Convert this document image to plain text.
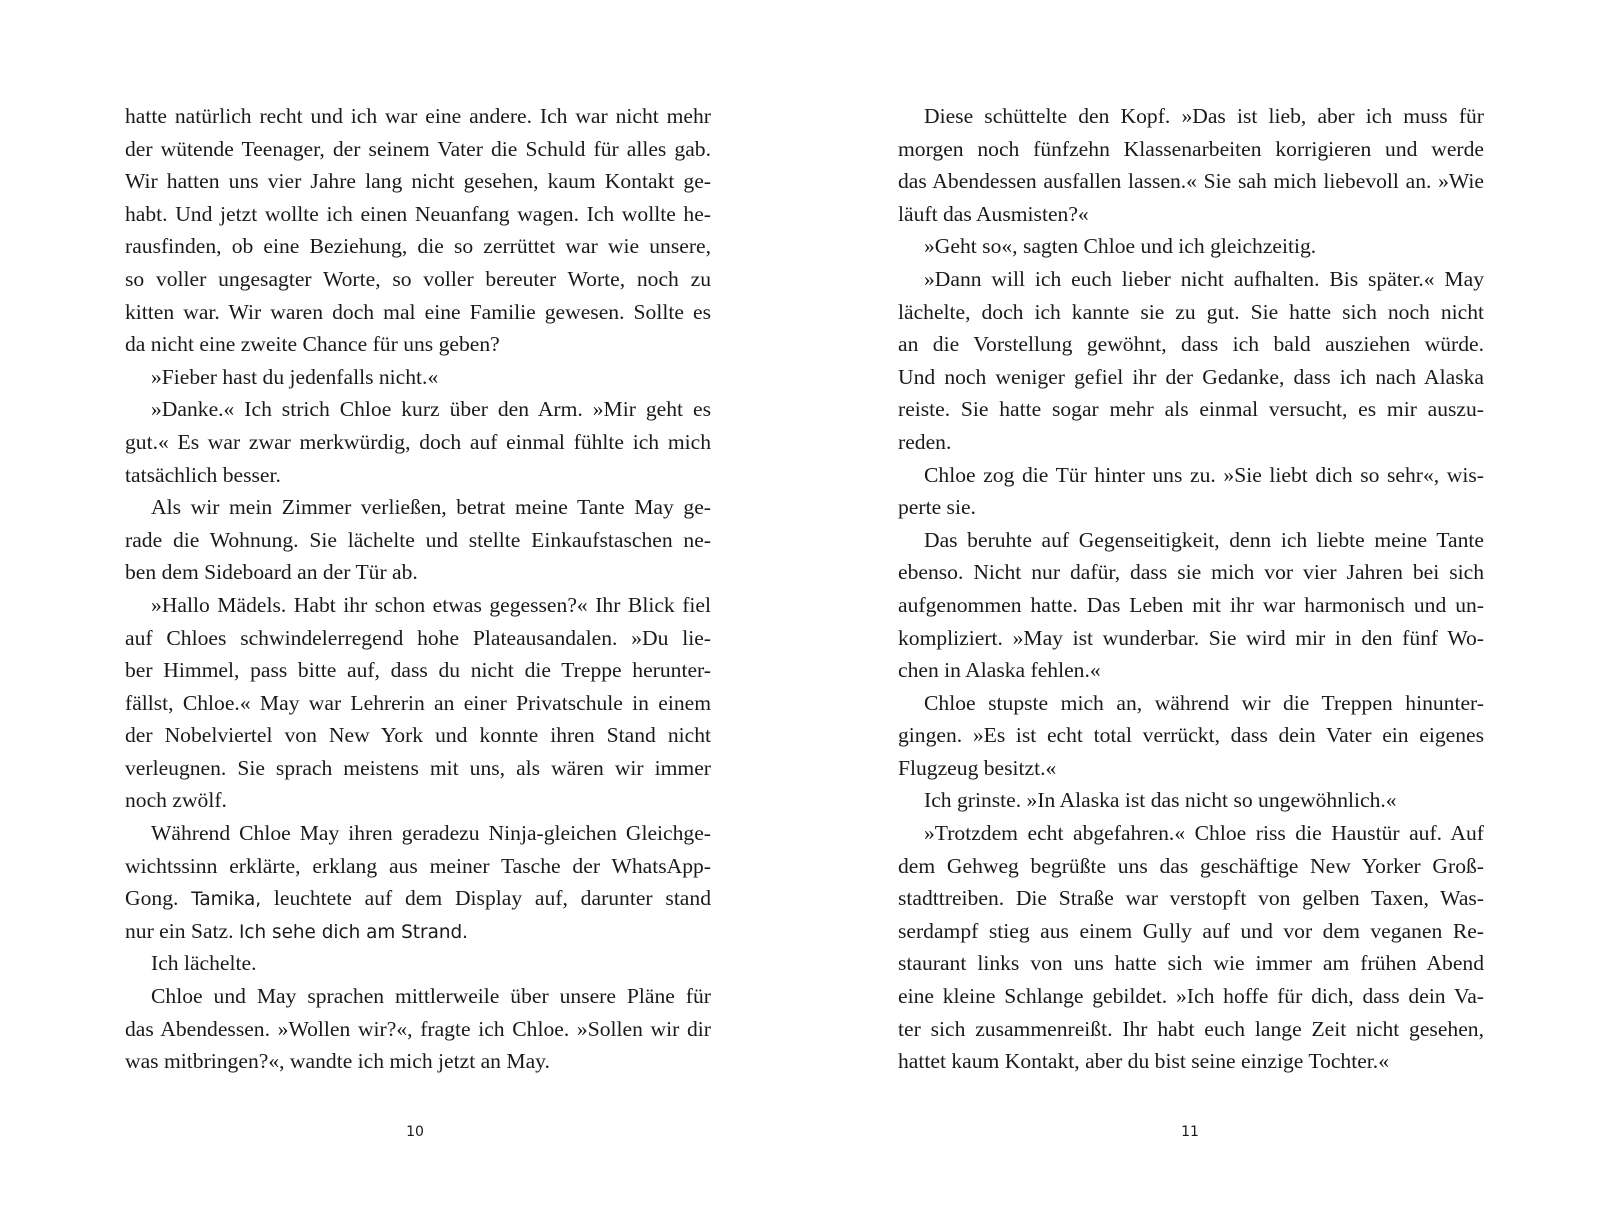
hatte natürlich recht und ich war eine andere. Ich war nicht mehr
der wütende Teenager, der seinem Vater die Schuld für alles gab.
Wir hatten uns vier Jahre lang nicht gesehen, kaum Kontakt ge-
habt. Und jetzt wollte ich einen Neuanfang wagen. Ich wollte he-
rausfinden, ob eine Beziehung, die so zerrüttet war wie unsere,
so voller ungesagter Worte, so voller bereuter Worte, noch zu
kitten war. Wir waren doch mal eine Familie gewesen. Sollte es
da nicht eine zweite Chance für uns geben?
»Fieber hast du jedenfalls nicht.«
»Danke.« Ich strich Chloe kurz über den Arm. »Mir geht es
gut.« Es war zwar merkwürdig, doch auf einmal fühlte ich mich
tatsächlich besser.
Als wir mein Zimmer verließen, betrat meine Tante May ge-
rade die Wohnung. Sie lächelte und stellte Einkaufstaschen ne-
ben dem Sideboard an der Tür ab.
»Hallo Mädels. Habt ihr schon etwas gegessen?« Ihr Blick fiel
auf Chloes schwindelerregend hohe Plateausandalen. »Du lie-
ber Himmel, pass bitte auf, dass du nicht die Treppe herunter-
fällst, Chloe.« May war Lehrerin an einer Privatschule in einem
der Nobelviertel von New York und konnte ihren Stand nicht
verleugnen. Sie sprach meistens mit uns, als wären wir immer
noch zwölf.
Während Chloe May ihren geradezu Ninja-gleichen Gleichge-
wichtssinn erklärte, erklang aus meiner Tasche der WhatsApp-
Gong. Tamika, leuchtete auf dem Display auf, darunter stand
nur ein Satz. Ich sehe dich am Strand.
Ich lächelte.
Chloe und May sprachen mittlerweile über unsere Pläne für
das Abendessen. »Wollen wir?«, fragte ich Chloe. »Sollen wir dir
was mitbringen?«, wandte ich mich jetzt an May.
10
Diese schüttelte den Kopf. »Das ist lieb, aber ich muss für
morgen noch fünfzehn Klassenarbeiten korrigieren und werde
das Abendessen ausfallen lassen.« Sie sah mich liebevoll an. »Wie
läuft das Ausmisten?«
»Geht so«, sagten Chloe und ich gleichzeitig.
»Dann will ich euch lieber nicht aufhalten. Bis später.« May
lächelte, doch ich kannte sie zu gut. Sie hatte sich noch nicht
an die Vorstellung gewöhnt, dass ich bald ausziehen würde.
Und noch weniger gefiel ihr der Gedanke, dass ich nach Alaska
reiste. Sie hatte sogar mehr als einmal versucht, es mir auszu-
reden.
Chloe zog die Tür hinter uns zu. »Sie liebt dich so sehr«, wis-
perte sie.
Das beruhte auf Gegenseitigkeit, denn ich liebte meine Tante
ebenso. Nicht nur dafür, dass sie mich vor vier Jahren bei sich
aufgenommen hatte. Das Leben mit ihr war harmonisch und un-
kompliziert. »May ist wunderbar. Sie wird mir in den fünf Wo-
chen in Alaska fehlen.«
Chloe stupste mich an, während wir die Treppen hinunter-
gingen. »Es ist echt total verrückt, dass dein Vater ein eigenes
Flugzeug besitzt.«
Ich grinste. »In Alaska ist das nicht so ungewöhnlich.«
»Trotzdem echt abgefahren.« Chloe riss die Haustür auf. Auf
dem Gehweg begrüßte uns das geschäftige New Yorker Groß-
stadttreiben. Die Straße war verstopft von gelben Taxen, Was-
serdampf stieg aus einem Gully auf und vor dem veganen Re-
staurant links von uns hatte sich wie immer am frühen Abend
eine kleine Schlange gebildet. »Ich hoffe für dich, dass dein Va-
ter sich zusammenreißt. Ihr habt euch lange Zeit nicht gesehen,
hattet kaum Kontakt, aber du bist seine einzige Tochter.«
11
